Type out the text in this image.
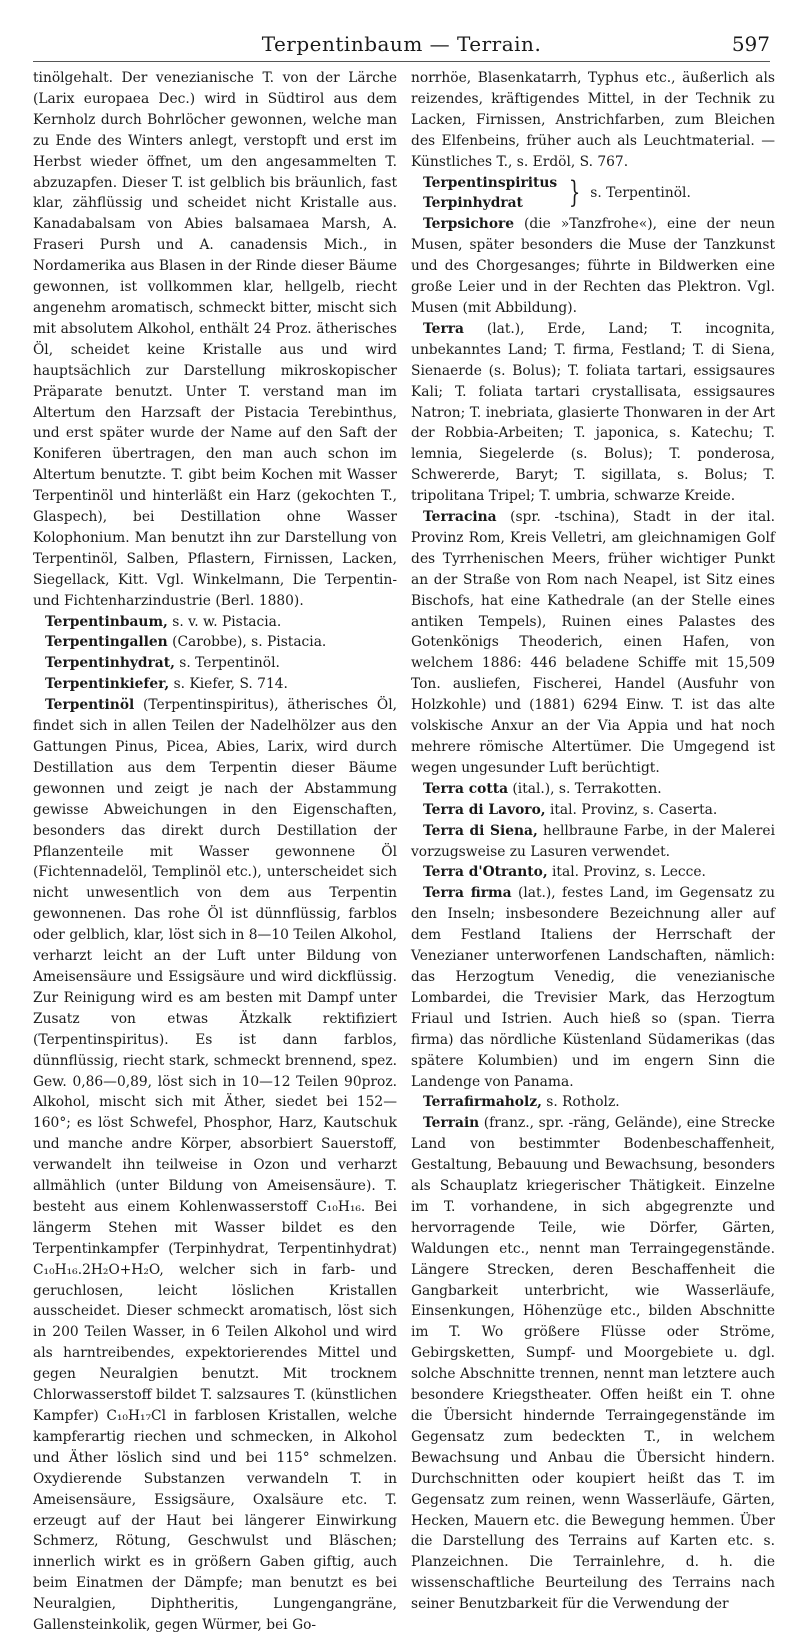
Terpentinbaum — Terrain.	597

tinölgehalt. Der venezianische T. von der Lärche (Larix europaea Dec.) wird in Südtirol aus dem Kernholz durch Bohrlöcher gewonnen, welche man zu Ende des Winters anlegt, verstopft und erst im Herbst wieder öffnet, um den angesammelten T. abzuzapfen. Dieser T. ist gelblich bis bräunlich, fast klar, zähflüssig und scheidet nicht Kristalle aus. Kanadabalsam von Abies balsamaea Marsh, A. Fraseri Pursh und A. canadensis Mich., in Nordamerika aus Blasen in der Rinde dieser Bäume gewonnen, ist vollkommen klar, hellgelb, riecht angenehm aromatisch, schmeckt bitter, mischt sich mit absolutem Alkohol, enthält 24 Proz. ätherisches Öl, scheidet keine Kristalle aus und wird hauptsächlich zur Darstellung mikroskopischer Präparate benutzt. Unter T. verstand man im Altertum den Harzsaft der Pistacia Terebinthus, und erst später wurde der Name auf den Saft der Koniferen übertragen, den man auch schon im Altertum benutzte. T. gibt beim Kochen mit Wasser Terpentinöl und hinterläßt ein Harz (gekochten T., Glaspech), bei Destillation ohne Wasser Kolophonium. Man benutzt ihn zur Darstellung von Terpentinöl, Salben, Pflastern, Firnissen, Lacken, Siegellack, Kitt. Vgl. Winkelmann, Die Terpentin- und Fichtenharzindustrie (Berl. 1880).

Terpentinbaum, s. v. w. Pistacia.

Terpentingallen (Carobbe), s. Pistacia.

Terpentinhydrat, s. Terpentinöl.

Terpentinkiefer, s. Kiefer, S. 714.

Terpentinöl (Terpentinspiritus), ätherisches Öl, findet sich in allen Teilen der Nadelhölzer aus den Gattungen Pinus, Picea, Abies, Larix, wird durch Destillation aus dem Terpentin dieser Bäume gewonnen und zeigt je nach der Abstammung gewisse Abweichungen in den Eigenschaften, besonders das direkt durch Destillation der Pflanzenteile mit Wasser gewonnene Öl (Fichtennadelöl, Templinöl etc.), unterscheidet sich nicht unwesentlich von dem aus Terpentin gewonnenen. Das rohe Öl ist dünnflüssig, farblos oder gelblich, klar, löst sich in 8—10 Teilen Alkohol, verharzt leicht an der Luft unter Bildung von Ameisensäure und Essigsäure und wird dickflüssig. Zur Reinigung wird es am besten mit Dampf unter Zusatz von etwas Ätzkalk rektifiziert (Terpentinspiritus). Es ist dann farblos, dünnflüssig, riecht stark, schmeckt brennend, spez. Gew. 0,86—0,89, löst sich in 10—12 Teilen 90proz. Alkohol, mischt sich mit Äther, siedet bei 152—160°; es löst Schwefel, Phosphor, Harz, Kautschuk und manche andre Körper, absorbiert Sauerstoff, verwandelt ihn teilweise in Ozon und verharzt allmählich (unter Bildung von Ameisensäure). T. besteht aus einem Kohlenwasserstoff C₁₀H₁₆. Bei längerm Stehen mit Wasser bildet es den Terpentinkampfer (Terpinhydrat, Terpentinhydrat) C₁₀H₁₆.2H₂O+H₂O, welcher sich in farb- und geruchlosen, leicht löslichen Kristallen ausscheidet. Dieser schmeckt aromatisch, löst sich in 200 Teilen Wasser, in 6 Teilen Alkohol und wird als harntreibendes, expektorierendes Mittel und gegen Neuralgien benutzt. Mit trocknem Chlorwasserstoff bildet T. salzsaures T. (künstlichen Kampfer) C₁₀H₁₇Cl in farblosen Kristallen, welche kampferartig riechen und schmecken, in Alkohol und Äther löslich sind und bei 115° schmelzen. Oxydierende Substanzen verwandeln T. in Ameisensäure, Essigsäure, Oxalsäure etc. T. erzeugt auf der Haut bei längerer Einwirkung Schmerz, Rötung, Geschwulst und Bläschen; innerlich wirkt es in größern Gaben giftig, auch beim Einatmen der Dämpfe; man benutzt es bei Neuralgien, Diphtheritis, Lungengangräne, Gallensteinkolik, gegen Würmer, bei Go-

norrhöe, Blasenkatarrh, Typhus etc., äußerlich als reizendes, kräftigendes Mittel, in der Technik zu Lacken, Firnissen, Anstrichfarben, zum Bleichen des Elfenbeins, früher auch als Leuchtmaterial. —Künstliches T., s. Erdöl, S. 767.

Terpentinspiritus
Terpinhydrat	} s. Terpentinöl.

Terpsichore (die »Tanzfrohe«), eine der neun Musen, später besonders die Muse der Tanzkunst und des Chorgesanges; führte in Bildwerken eine große Leier und in der Rechten das Plektron. Vgl. Musen (mit Abbildung).

Terra (lat.), Erde, Land; T. incognita, unbekanntes Land; T. firma, Festland; T. di Siena, Sienaerde (s. Bolus); T. foliata tartari, essigsaures Kali; T. foliata tartari crystallisata, essigsaures Natron; T. inebriata, glasierte Thonwaren in der Art der Robbia-Arbeiten; T. japonica, s. Katechu; T. lemnia, Siegelerde (s. Bolus); T. ponderosa, Schwererde, Baryt; T. sigillata, s. Bolus; T. tripolitana Tripel; T. umbria, schwarze Kreide.

Terracina (spr. -tschina), Stadt in der ital. Provinz Rom, Kreis Velletri, am gleichnamigen Golf des Tyrrhenischen Meers, früher wichtiger Punkt an der Straße von Rom nach Neapel, ist Sitz eines Bischofs, hat eine Kathedrale (an der Stelle eines antiken Tempels), Ruinen eines Palastes des Gotenkönigs Theoderich, einen Hafen, von welchem 1886: 446 beladene Schiffe mit 15,509 Ton. ausliefen, Fischerei, Handel (Ausfuhr von Holzkohle) und (1881) 6294 Einw. T. ist das alte volskische Anxur an der Via Appia und hat noch mehrere römische Altertümer. Die Umgegend ist wegen ungesunder Luft berüchtigt.

Terra cotta (ital.), s. Terrakotten.

Terra di Lavoro, ital. Provinz, s. Caserta.

Terra di Siena, hellbraune Farbe, in der Malerei vorzugsweise zu Lasuren verwendet.

Terra d'Otranto, ital. Provinz, s. Lecce.

Terra firma (lat.), festes Land, im Gegensatz zu den Inseln; insbesondere Bezeichnung aller auf dem Festland Italiens der Herrschaft der Venezianer unterworfenen Landschaften, nämlich: das Herzogtum Venedig, die venezianische Lombardei, die Trevisier Mark, das Herzogtum Friaul und Istrien. Auch hieß so (span. Tierra firma) das nördliche Küstenland Südamerikas (das spätere Kolumbien) und im engern Sinn die Landenge von Panama.

Terrafirmaholz, s. Rotholz.

Terrain (franz., spr. -räng, Gelände), eine Strecke Land von bestimmter Bodenbeschaffenheit, Gestaltung, Bebauung und Bewachsung, besonders als Schauplatz kriegerischer Thätigkeit. Einzelne im T. vorhandene, in sich abgegrenzte und hervorragende Teile, wie Dörfer, Gärten, Waldungen etc., nennt man Terraingegenstände. Längere Strecken, deren Beschaffenheit die Gangbarkeit unterbricht, wie Wasserläufe, Einsenkungen, Höhenzüge etc., bilden Abschnitte im T. Wo größere Flüsse oder Ströme, Gebirgsketten, Sumpf- und Moorgebiete u. dgl. solche Abschnitte trennen, nennt man letztere auch besondere Kriegstheater. Offen heißt ein T. ohne die Übersicht hindernde Terraingegenstände im Gegensatz zum bedeckten T., in welchem Bewachsung und Anbau die Übersicht hindern. Durchschnitten oder koupiert heißt das T. im Gegensatz zum reinen, wenn Wasserläufe, Gärten, Hecken, Mauern etc. die Bewegung hemmen. Über die Darstellung des Terrains auf Karten etc. s. Planzeichnen. Die Terrainlehre, d. h. die wissenschaftliche Beurteilung des Terrains nach seiner Benutzbarkeit für die Verwendung der
